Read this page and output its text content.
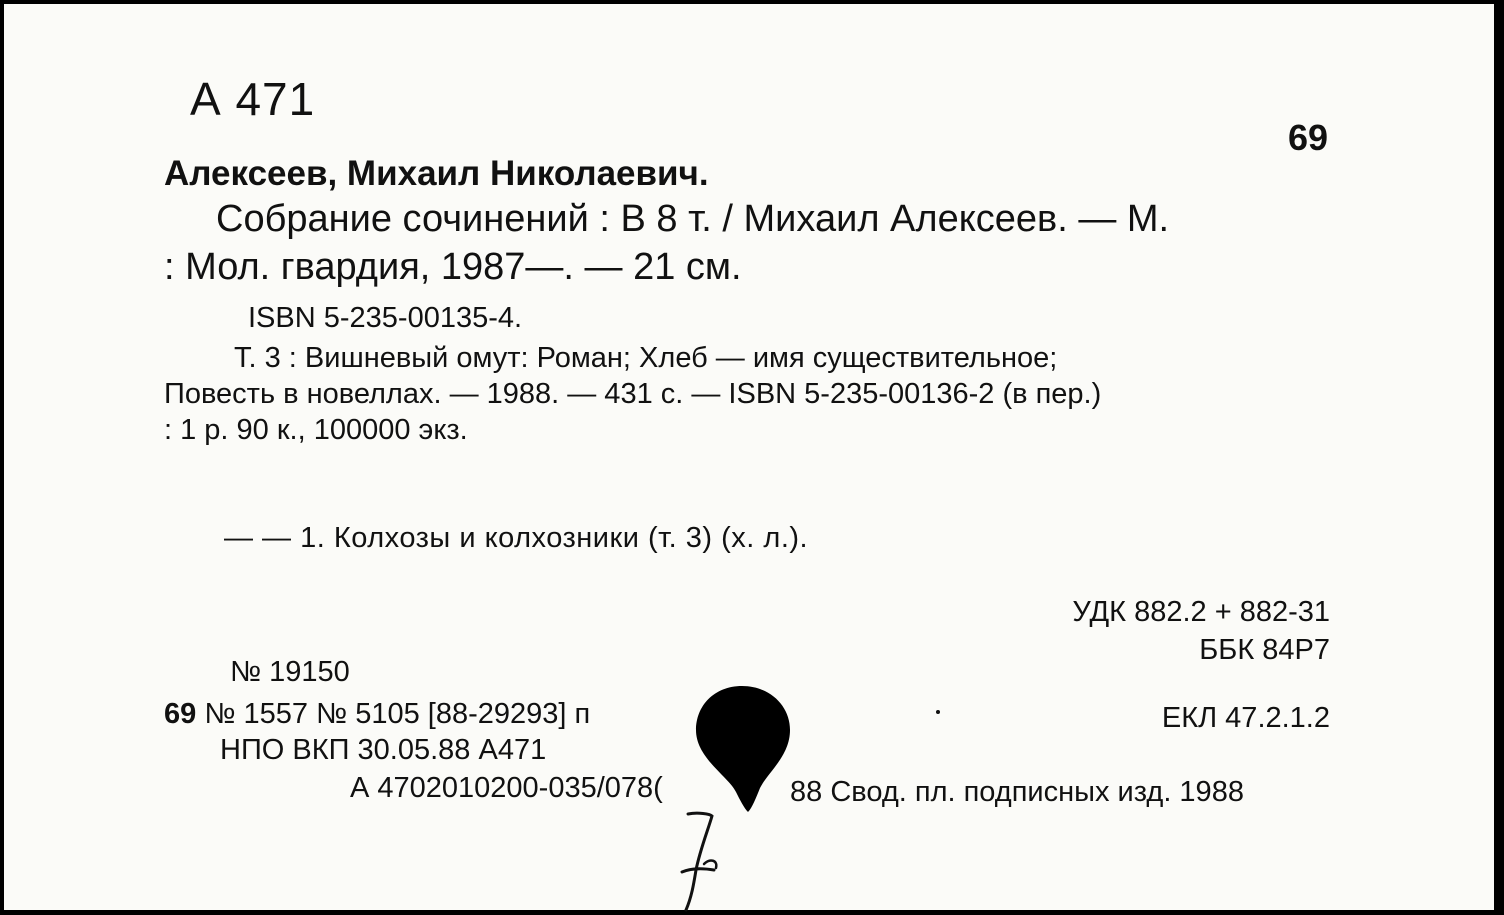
А 471
69
Алексеев, Михаил Николаевич.
Собрание сочинений : В 8 т. / Михаил Алексеев. — М.
: Мол. гвардия, 1987—. — 21 см.
ISBN 5-235-00135-4.
Т. 3 : Вишневый омут: Роман; Хлеб — имя существительное;
Повесть в новеллах. — 1988. — 431 с. — ISBN 5-235-00136-2 (в пер.)
: 1 р. 90 к., 100000 экз.
— — 1. Колхозы и колхозники (т. 3) (х. л.).
УДК 882.2 + 882-31
ББК 84Р7
ЕКЛ 47.2.1.2
№ 19150
69 № 1557 № 5105 [88-29293] п
НПО ВКП 30.05.88 А471
А 4702010200-035/078(	88 Свод. пл. подписных изд. 1988
